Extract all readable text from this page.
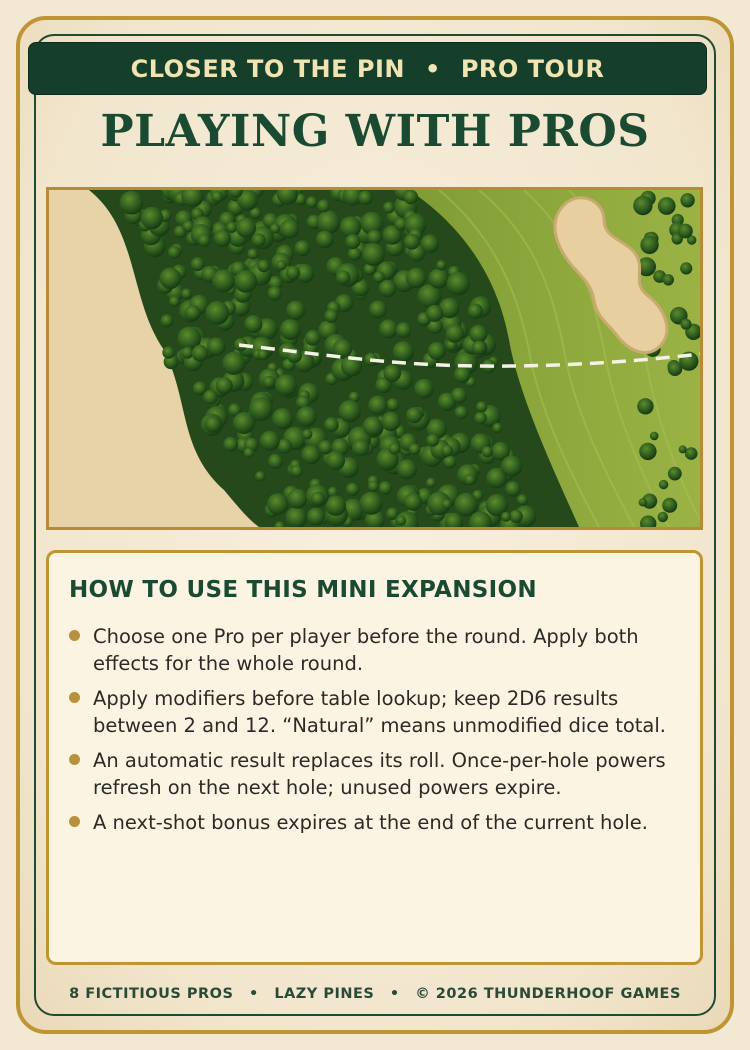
CLOSER TO THE PIN • PRO TOUR
PLAYING WITH PROS
HOW TO USE THIS MINI EXPANSION
Choose one Pro per player before the round. Apply both effects for the whole round.
Apply modifiers before table lookup; keep 2D6 results between 2 and 12. “Natural” means unmodified dice total.
An automatic result replaces its roll. Once-per-hole powers refresh on the next hole; unused powers expire.
A next-shot bonus expires at the end of the current hole.
8 FICTITIOUS PROS • LAZY PINES • © 2026 THUNDERHOOF GAMES
